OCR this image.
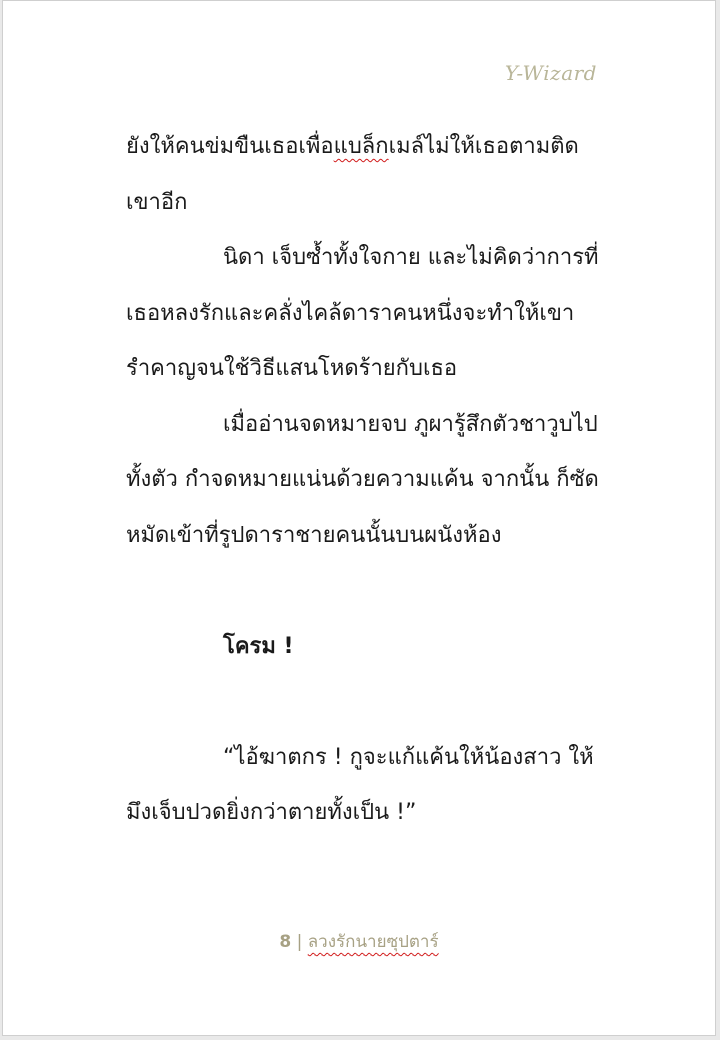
Y-Wizard
ยังให้คนข่มขืนเธอเพื่อแบล็กเมล์ไม่ให้เธอตามติด
เขาอีก
นิดา เจ็บซ้ำทั้งใจกาย และไม่คิดว่าการที่
เธอหลงรักและคลั่งไคล้ดาราคนหนึ่งจะทำให้เขา
รำคาญจนใช้วิธีแสนโหดร้ายกับเธอ
เมื่ออ่านจดหมายจบ ภูผารู้สึกตัวชาวูบไป
ทั้งตัว กำจดหมายแน่นด้วยความแค้น จากนั้น ก็ซัด
หมัดเข้าที่รูปดาราชายคนนั้นบนผนังห้อง
โครม !
“ไอ้ฆาตกร ! กูจะแก้แค้นให้น้องสาว ให้
มึงเจ็บปวดยิ่งกว่าตายทั้งเป็น !”
8 | ลวงรักนายซุปตาร์
